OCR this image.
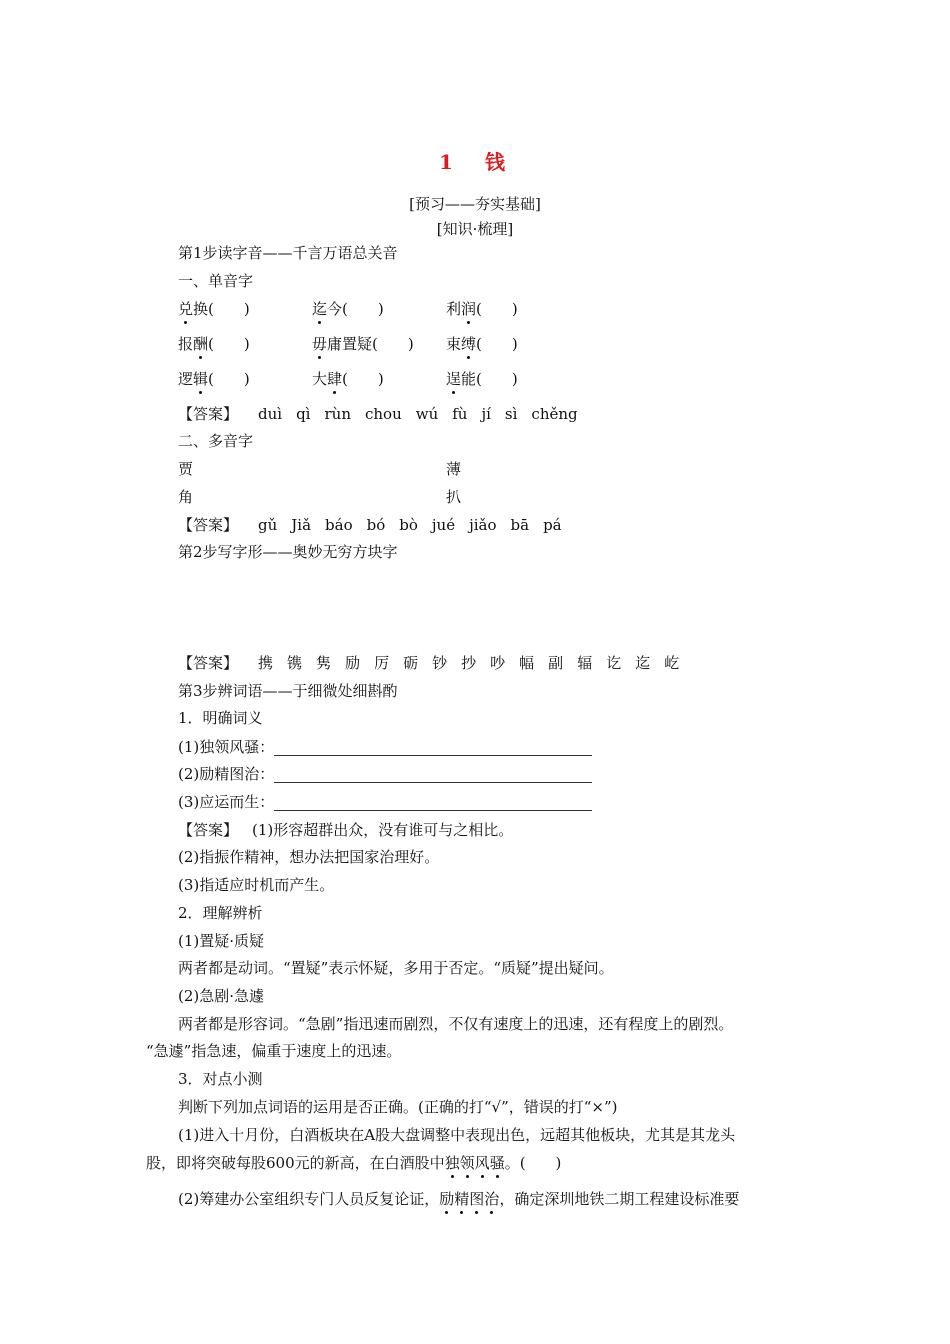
1　钱
[预习——夯实基础]
[知识·梳理]
第1步读字音——千言万语总关音
一、单音字
兑换(　　)	迄今(　　)	利润(　　)
报酬(　　)	毋庸置疑(　　) 束缚(　　)
逻辑(　　)	大肆(　　)	逞能(　　)
【答案】 duì qì rùn chou wú fù jí sì chěng
二、多音字
贾	薄
角	扒
【答案】 gǔ Jiǎ báo bó bò jué jiǎo bā pá
第2步写字形——奥妙无穷方块字
【答案】 携 镌 隽 励 厉 砺 钞 抄 吵 幅 副 辐 讫 迄 屹
第3步辨词语——于细微处细斟酌
1．明确词义
(1)独领风骚：
(2)励精图治：
(3)应运而生：
【答案】 (1)形容超群出众，没有谁可与之相比。
(2)指振作精神，想办法把国家治理好。
(3)指适应时机而产生。
2．理解辨析
(1)置疑·质疑
两者都是动词。“置疑”表示怀疑，多用于否定。“质疑”提出疑问。
(2)急剧·急遽
两者都是形容词。“急剧”指迅速而剧烈，不仅有速度上的迅速，还有程度上的剧烈。
“急遽”指急速，偏重于速度上的迅速。
3．对点小测
判断下列加点词语的运用是否正确。(正确的打“√”，错误的打“×”)
(1)进入十月份，白酒板块在A股大盘调整中表现出色，远超其他板块，尤其是其龙头
股，即将突破每股600元的新高，在白酒股中独领风骚。(　　)
(2)筹建办公室组织专门人员反复论证，励精图治，确定深圳地铁二期工程建设标准要
